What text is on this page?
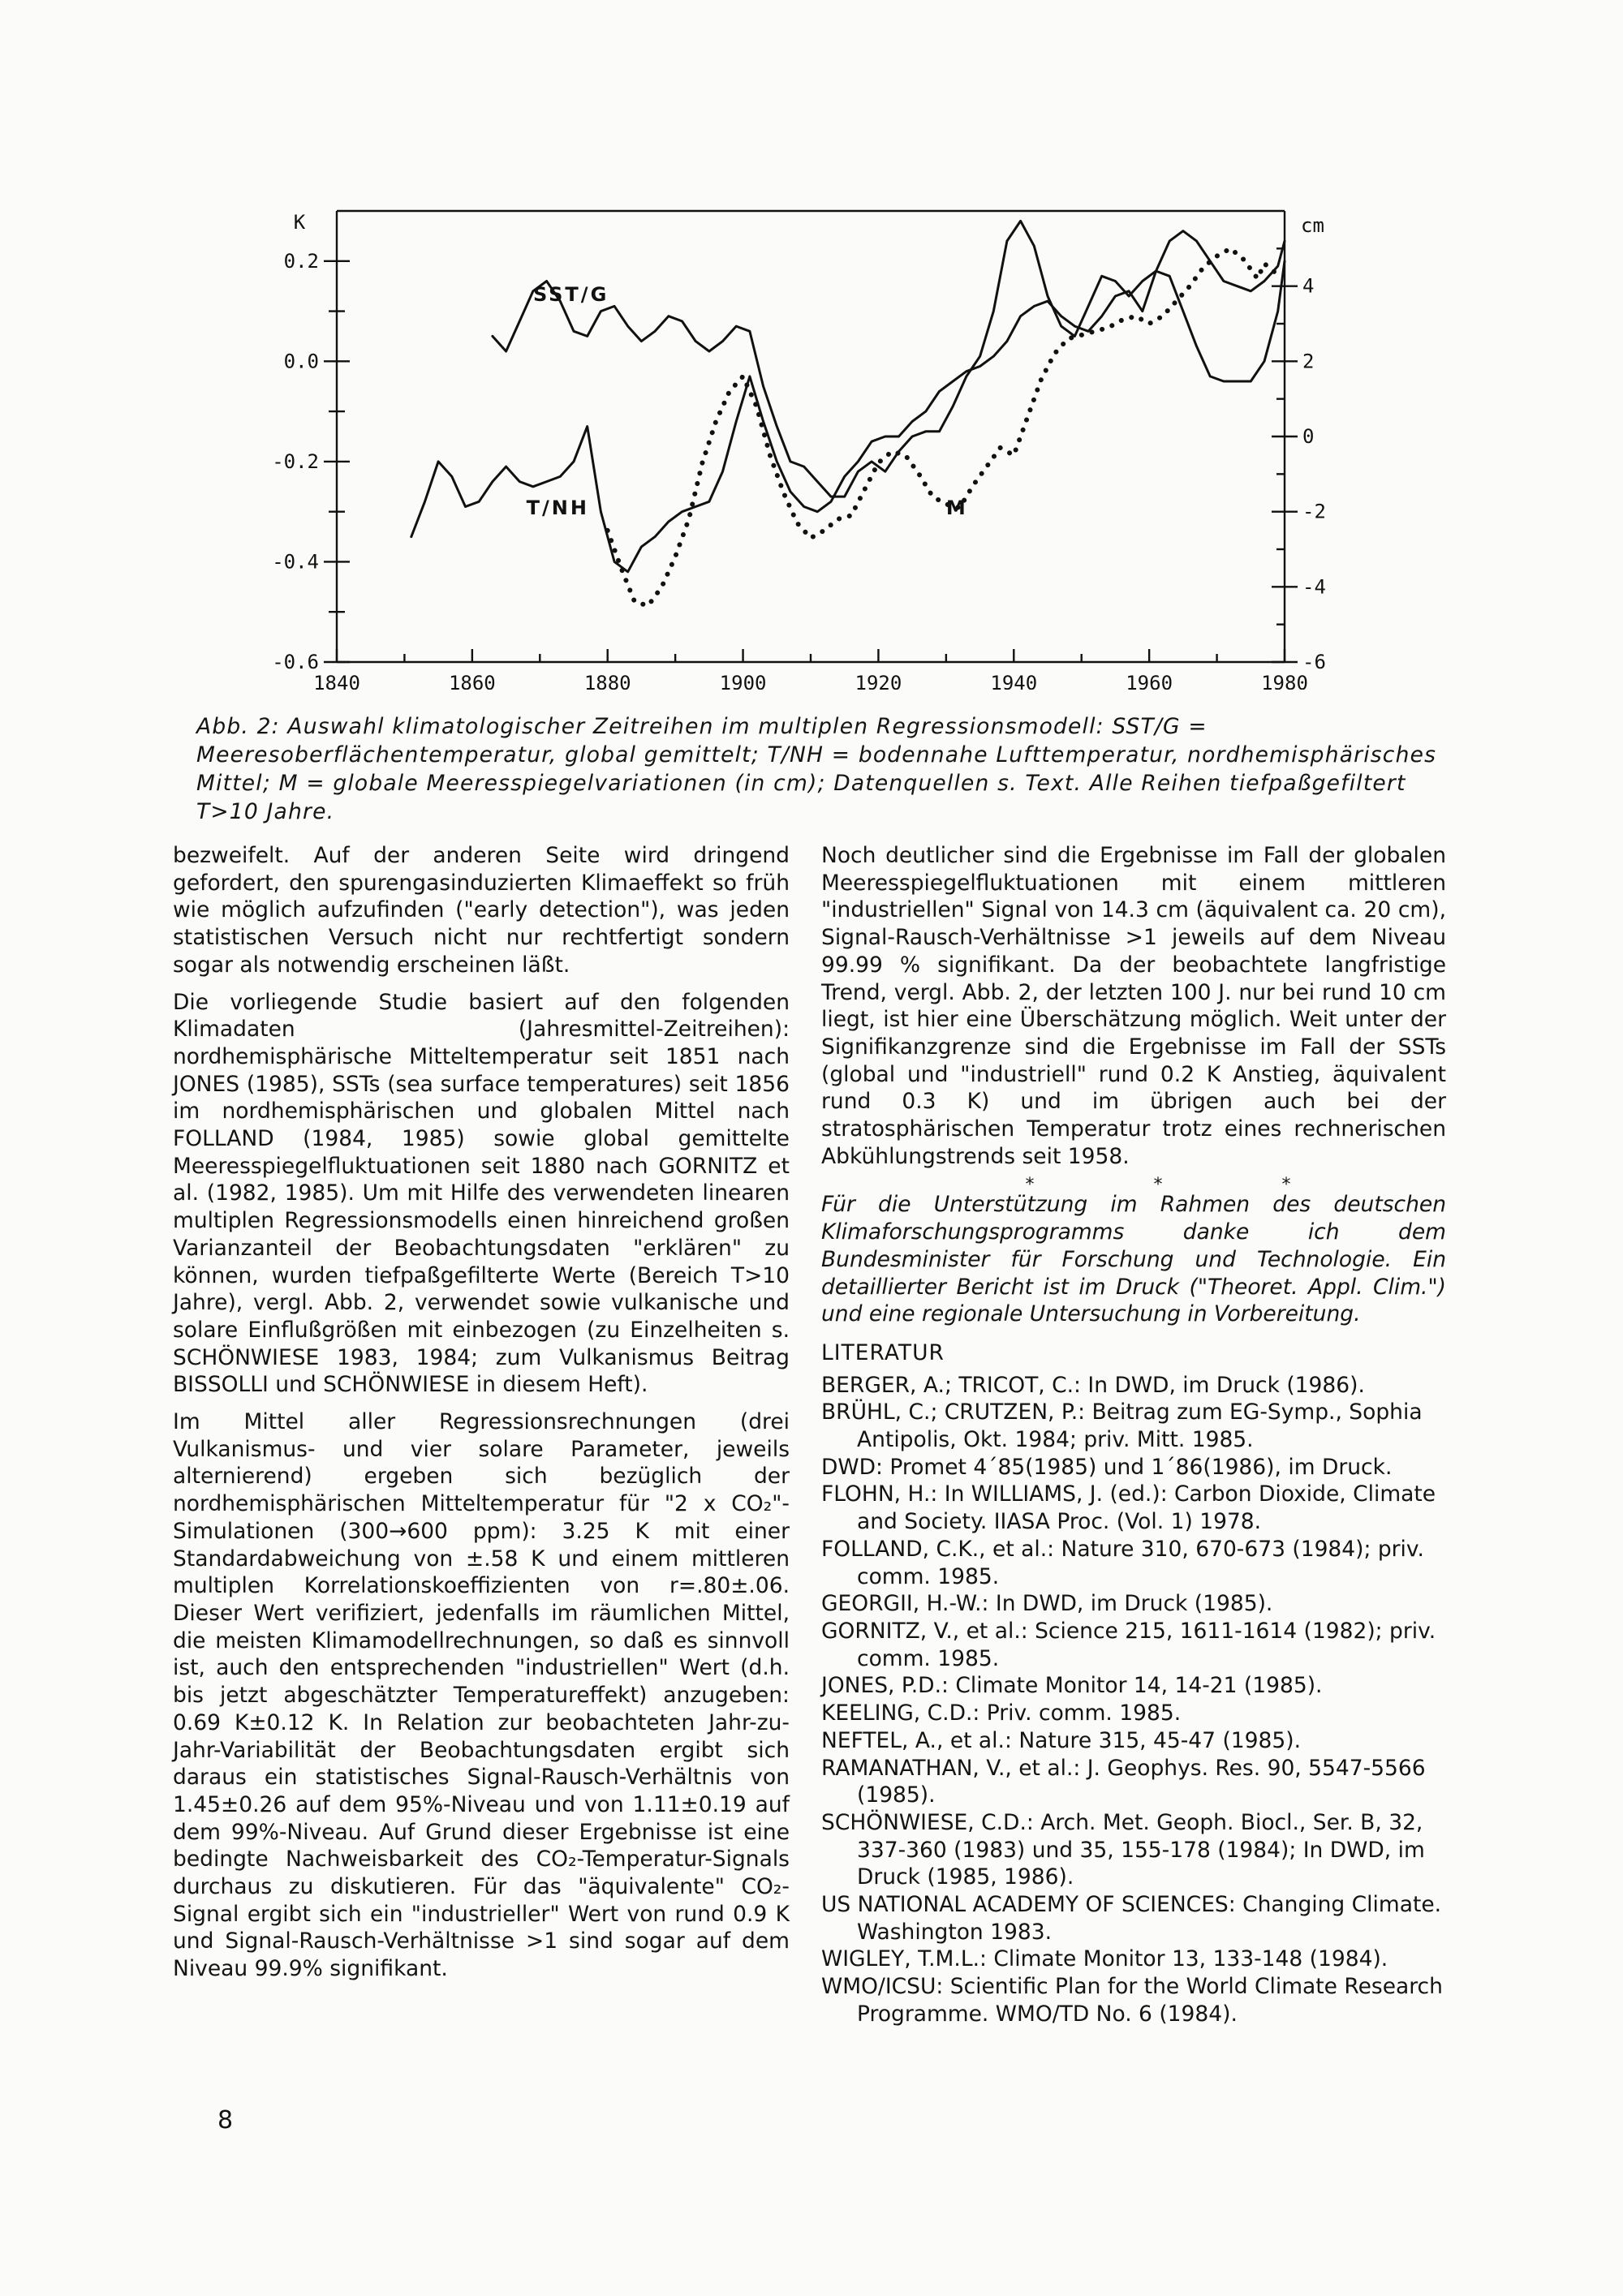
1840	1860	1880	1900	1920	1940	1960	1980
0.2
0.0
-0.2
-0.4
-0.6
K
4
2
0
-2
-4
-6
cm
SST/G
T/NH	M
Abb. 2: Auswahl klimatologischer Zeitreihen im multiplen Regressionsmodell: SST/G = Meeresoberflächentemperatur, global gemittelt; T/NH = bodennahe Lufttemperatur, nordhemisphärisches Mittel; M = globale Meeresspiegelvariationen (in cm); Datenquellen s. Text. Alle Reihen tiefpaßgefiltert T>10 Jahre.

bezweifelt. Auf der anderen Seite wird dringend gefordert, den spurengasinduzierten Klimaeffekt so früh wie möglich aufzufinden ("early detection"), was jeden statistischen Versuch nicht nur rechtfertigt sondern sogar als notwendig erscheinen läßt.

Die vorliegende Studie basiert auf den folgenden Klimadaten (Jahresmittel-Zeitreihen): nordhemisphärische Mitteltemperatur seit 1851 nach JONES (1985), SSTs (sea surface temperatures) seit 1856 im nordhemisphärischen und globalen Mittel nach FOLLAND (1984, 1985) sowie global gemittelte Meeresspiegelfluktuationen seit 1880 nach GORNITZ et al. (1982, 1985). Um mit Hilfe des verwendeten linearen multiplen Regressionsmodells einen hinreichend großen Varianzanteil der Beobachtungsdaten "erklären" zu können, wurden tiefpaßgefilterte Werte (Bereich T>10 Jahre), vergl. Abb. 2, verwendet sowie vulkanische und solare Einflußgrößen mit einbezogen (zu Einzelheiten s. SCHÖNWIESE 1983, 1984; zum Vulkanismus Beitrag BISSOLLI und SCHÖNWIESE in diesem Heft).

Im Mittel aller Regressionsrechnungen (drei Vulkanismus- und vier solare Parameter, jeweils alternierend) ergeben sich bezüglich der nordhemisphärischen Mitteltemperatur für "2 x CO₂"-Simulationen (300→600 ppm): 3.25 K mit einer Standardabweichung von ±.58 K und einem mittleren multiplen Korrelationskoeffizienten von r=.80±.06. Dieser Wert verifiziert, jedenfalls im räumlichen Mittel, die meisten Klimamodellrechnungen, so daß es sinnvoll ist, auch den entsprechenden "industriellen" Wert (d.h. bis jetzt abgeschätzter Temperatureffekt) anzugeben: 0.69 K±0.12 K. In Relation zur beobachteten Jahr-zu-Jahr-Variabilität der Beobachtungsdaten ergibt sich daraus ein statistisches Signal-Rausch-Verhältnis von 1.45±0.26 auf dem 95%-Niveau und von 1.11±0.19 auf dem 99%-Niveau. Auf Grund dieser Ergebnisse ist eine bedingte Nachweisbarkeit des CO₂-Temperatur-Signals durchaus zu diskutieren. Für das "äquivalente" CO₂-Signal ergibt sich ein "industrieller" Wert von rund 0.9 K und Signal-Rausch-Verhältnisse >1 sind sogar auf dem Niveau 99.9% signifikant.

Noch deutlicher sind die Ergebnisse im Fall der globalen Meeresspiegelfluktuationen mit einem mittleren "industriellen" Signal von 14.3 cm (äquivalent ca. 20 cm), Signal-Rausch-Verhältnisse >1 jeweils auf dem Niveau 99.99 % signifikant. Da der beobachtete langfristige Trend, vergl. Abb. 2, der letzten 100 J. nur bei rund 10 cm liegt, ist hier eine Überschätzung möglich. Weit unter der Signifikanzgrenze sind die Ergebnisse im Fall der SSTs (global und "industriell" rund 0.2 K Anstieg, äquivalent rund 0.3 K) und im übrigen auch bei der stratosphärischen Temperatur trotz eines rechnerischen Abkühlungstrends seit 1958.

* * *

Für die Unterstützung im Rahmen des deutschen Klimaforschungsprogramms danke ich dem Bundesminister für Forschung und Technologie. Ein detaillierter Bericht ist im Druck ("Theoret. Appl. Clim.") und eine regionale Untersuchung in Vorbereitung.

LITERATUR
BERGER, A.; TRICOT, C.: In DWD, im Druck (1986).
BRÜHL, C.; CRUTZEN, P.: Beitrag zum EG-Symp., Sophia Antipolis, Okt. 1984; priv. Mitt. 1985.
DWD: Promet 4´85(1985) und 1´86(1986), im Druck.
FLOHN, H.: In WILLIAMS, J. (ed.): Carbon Dioxide, Climate and Society. IIASA Proc. (Vol. 1) 1978.
FOLLAND, C.K., et al.: Nature 310, 670-673 (1984); priv. comm. 1985.
GEORGII, H.-W.: In DWD, im Druck (1985).
GORNITZ, V., et al.: Science 215, 1611-1614 (1982); priv. comm. 1985.
JONES, P.D.: Climate Monitor 14, 14-21 (1985).
KEELING, C.D.: Priv. comm. 1985.
NEFTEL, A., et al.: Nature 315, 45-47 (1985).
RAMANATHAN, V., et al.: J. Geophys. Res. 90, 5547-5566 (1985).
SCHÖNWIESE, C.D.: Arch. Met. Geoph. Biocl., Ser. B, 32, 337-360 (1983) und 35, 155-178 (1984); In DWD, im Druck (1985, 1986).
US NATIONAL ACADEMY OF SCIENCES: Changing Climate. Washington 1983.
WIGLEY, T.M.L.: Climate Monitor 13, 133-148 (1984).
WMO/ICSU: Scientific Plan for the World Climate Research Programme. WMO/TD No. 6 (1984).
8
